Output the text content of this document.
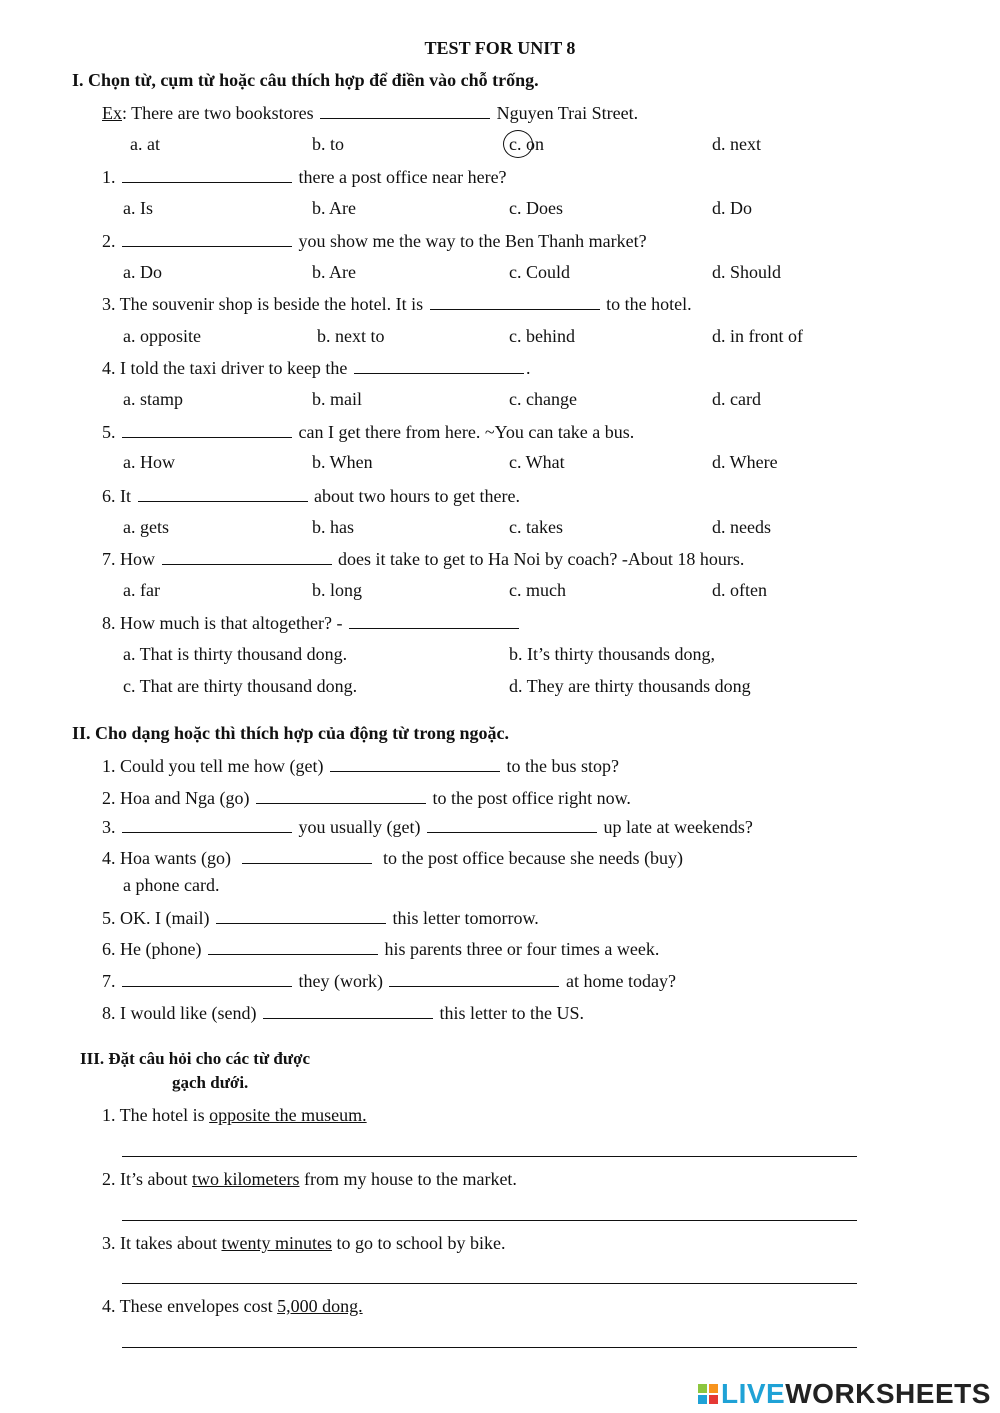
TEST FOR UNIT 8
I. Chọn từ, cụm từ hoặc câu thích hợp để điền vào chỗ trống.
Ex: There are two bookstores	Nguyen Trai Street.
a. at	b. to	c. on	d. next
1.	there a post office near here?
a. Is	b. Are	c. Does	d. Do
2.	you show me the way to the Ben Thanh market?
a. Do	b. Are	c. Could	d. Should
3. The souvenir shop is beside the hotel. It is	to the hotel.
a. opposite	b. next to	c. behind	d. in front of
4. I told the taxi driver to keep the	.
a. stamp	b. mail	c. change	d. card
5.	can I get there from here. ~You can take a bus.
a. How	b. When	c. What	d. Where
6. It	about two hours to get there.
a. gets	b. has	c. takes	d. needs
7. How	does it take to get to Ha Noi by coach? -About 18 hours.
a. far	b. long	c. much	d. often
8. How much is that altogether? -
a. That is thirty thousand dong.	b. It’s thirty thousands dong,
c. That are thirty thousand dong.	d. They are thirty thousands dong
II. Cho dạng hoặc thì thích hợp của động từ trong ngoặc.
1. Could you tell me how (get)	to the bus stop?
2. Hoa and Nga (go)	to the post office right now.
3.	you usually (get)	up late at weekends?
4. Hoa wants (go)	to the post office because she needs (buy)
a phone card.
5. OK. I (mail)	this letter tomorrow.
6. He (phone)	his parents three or four times a week.
7.	they (work)	at home today?
8. I would like (send)	this letter to the US.
III. Đặt câu hỏi cho các từ được
gạch dưới.
1. The hotel is opposite the museum.
2. It’s about two kilometers from my house to the market.
3. It takes about twenty minutes to go to school by bike.
4. These envelopes cost 5,000 dong.
LIVE WORKSHEETS
